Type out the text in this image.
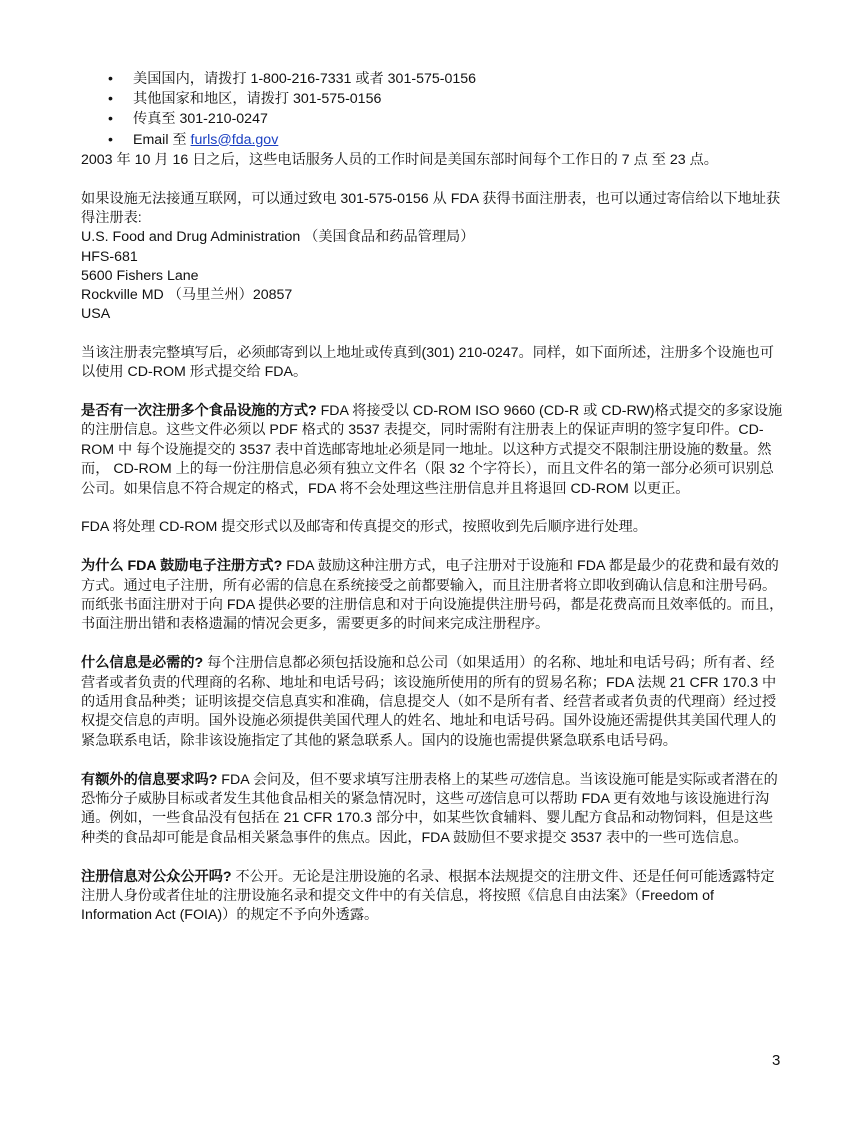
• 美国国内，请拨打 1-800-216-7331 或者 301-575-0156
• 其他国家和地区，请拨打 301-575-0156
• 传真至 301-210-0247
• Email 至 furls@fda.gov

2003 年 10 月 16 日之后，这些电话服务人员的工作时间是美国东部时间每个工作日的 7 点 至 23 点。

如果设施无法接通互联网，可以通过致电 301-575-0156 从 FDA 获得书面注册表，也可以通过寄信给以下地址获得注册表:

U.S. Food and Drug Administration （美国食品和药品管理局）
HFS-681
5600 Fishers Lane
Rockville MD （马里兰州）20857
USA

当该注册表完整填写后，必须邮寄到以上地址或传真到(301) 210-0247。同样，如下面所述，注册多个设施也可以使用 CD-ROM 形式提交给 FDA。

是否有一次注册多个食品设施的方式? FDA 将接受以 CD-ROM ISO 9660 (CD-R 或 CD-RW)格式提交的多家设施的注册信息。这些文件必须以 PDF 格式的 3537 表提交，同时需附有注册表上的保证声明的签字复印件。CD-ROM 中 每个设施提交的 3537 表中首选邮寄地址必须是同一地址。以这种方式提交不限制注册设施的数量。然而， CD-ROM 上的每一份注册信息必须有独立文件名（限 32 个字符长），而且文件名的第一部分必须可识别总公司。如果信息不符合规定的格式，FDA 将不会处理这些注册信息并且将退回 CD-ROM 以更正。

FDA 将处理 CD-ROM 提交形式以及邮寄和传真提交的形式，按照收到先后顺序进行处理。

为什么 FDA 鼓励电子注册方式? FDA 鼓励这种注册方式，电子注册对于设施和 FDA 都是最少的花费和最有效的方式。通过电子注册，所有必需的信息在系统接受之前都要输入，而且注册者将立即收到确认信息和注册号码。而纸张书面注册对于向 FDA 提供必要的注册信息和对于向设施提供注册号码，都是花费高而且效率低的。而且，书面注册出错和表格遗漏的情况会更多，需要更多的时间来完成注册程序。

什么信息是必需的? 每个注册信息都必须包括设施和总公司（如果适用）的名称、地址和电话号码；所有者、经营者或者负责的代理商的名称、地址和电话号码；该设施所使用的所有的贸易名称；FDA 法规 21 CFR 170.3 中的适用食品种类；证明该提交信息真实和准确，信息提交人（如不是所有者、经营者或者负责的代理商）经过授权提交信息的声明。国外设施必须提供美国代理人的姓名、地址和电话号码。国外设施还需提供其美国代理人的紧急联系电话，除非该设施指定了其他的紧急联系人。国内的设施也需提供紧急联系电话号码。

有额外的信息要求吗? FDA 会问及，但不要求填写注册表格上的某些可选信息。当该设施可能是实际或者潜在的恐怖分子威胁目标或者发生其他食品相关的紧急情况时，这些可选信息可以帮助 FDA 更有效地与该设施进行沟通。例如，一些食品没有包括在 21 CFR 170.3 部分中，如某些饮食辅料、婴儿配方食品和动物饲料，但是这些种类的食品却可能是食品相关紧急事件的焦点。因此，FDA 鼓励但不要求提交 3537 表中的一些可选信息。

注册信息对公众公开吗? 不公开。无论是注册设施的名录、根据本法规提交的注册文件、还是任何可能透露特定注册人身份或者住址的注册设施名录和提交文件中的有关信息，将按照《信息自由法案》（Freedom of Information Act (FOIA)）的规定不予向外透露。

3
